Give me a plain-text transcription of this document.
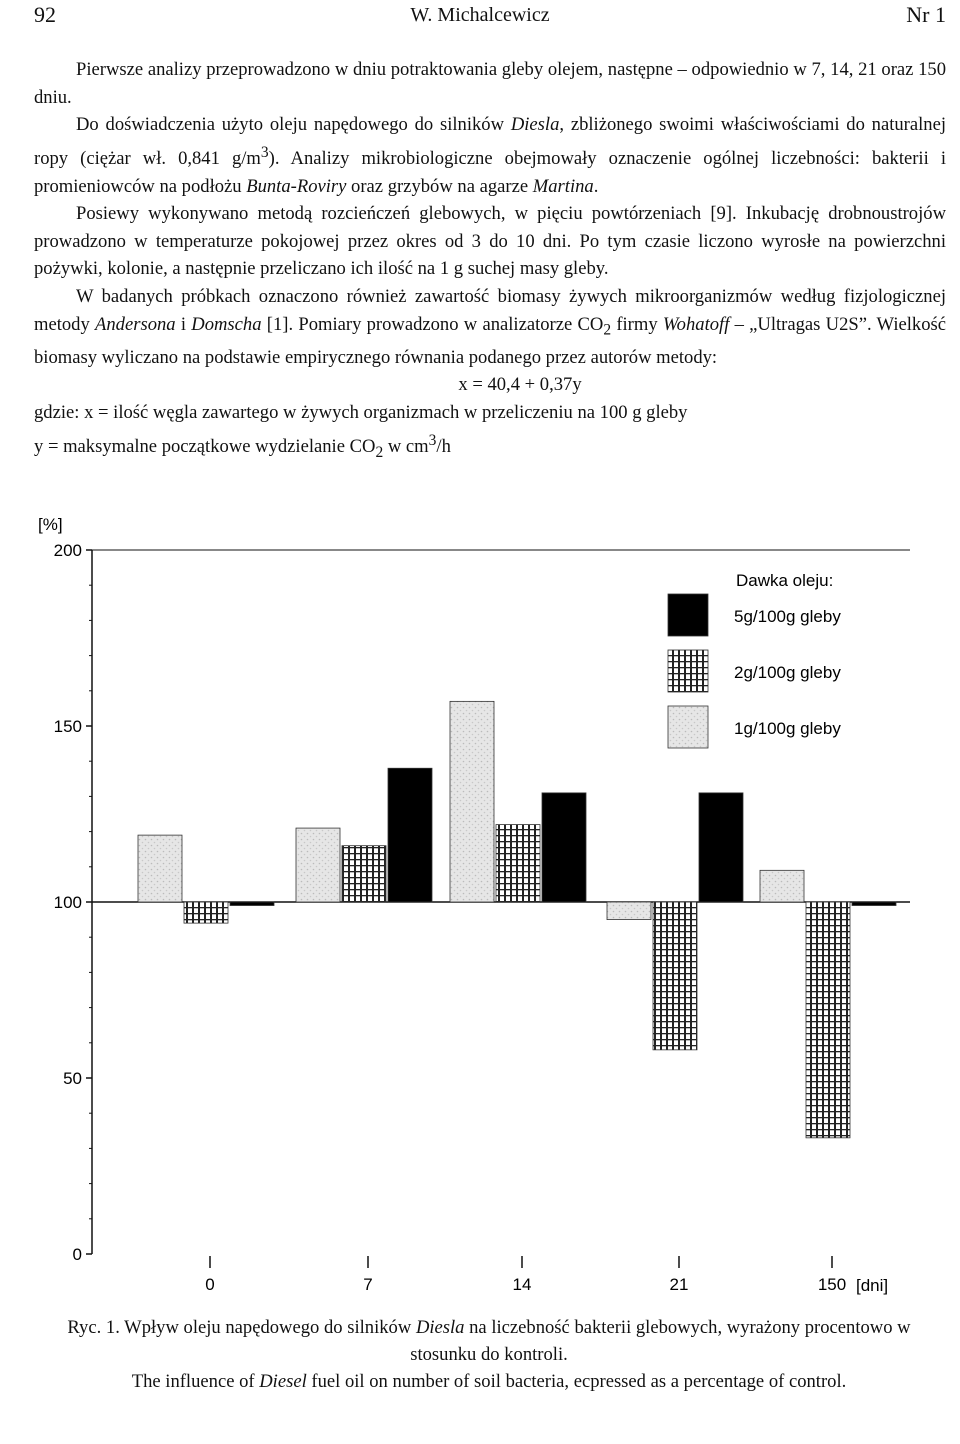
92	W. Michalcewicz	Nr 1

Pierwsze analizy przeprowadzono w dniu potraktowania gleby olejem, następne – odpowiednio w 7, 14, 21 oraz 150 dniu.

Do doświadczenia użyto oleju napędowego do silników Diesla, zbliżonego swoimi właściwościami do naturalnej ropy (ciężar wł. 0,841 $g/m^3$). Analizy mikrobiologiczne obejmowały oznaczenie ogólnej liczebności: bakterii i promieniowców na podłożu Bunta-Roviry oraz grzybów na agarze Martina.

Posiewy wykonywano metodą rozcieńczeń glebowych, w pięciu powtórzeniach [9]. Inkubację drobnoustrojów prowadzono w temperaturze pokojowej przez okres od 3 do 10 dni. Po tym czasie liczono wyrosłe na powierzchni pożywki, kolonie, a następnie przeliczano ich ilość na 1 g suchej masy gleby.

W badanych próbkach oznaczono również zawartość biomasy żywych mikroorganizmów według fizjologicznej metody Andersona i Domscha [1]. Pomiary prowadzono w analizatorze $CO_2$ firmy Wohatoff – „Ultragas U2S”. Wielkość biomasy wyliczano na podstawie empirycznego równania podanego przez autorów metody:

x = 40,4 + 0,37y

gdzie: x = ilość węgla zawartego w żywych organizmach w przeliczeniu na 100 g gleby

y = maksymalne początkowe wydzielanie $CO_2$ w $cm^3/h$

0
50
100
150
200
0	7	14	21	150
5g/100g gleby
2g/100g gleby
1g/100g gleby
[%]
[dni]
Dawka oleju:

Ryc. 1. Wpływ oleju napędowego do silników Diesla na liczebność bakterii glebowych, wyrażony procentowo w stosunku do kontroli.

The influence of Diesel fuel oil on number of soil bacteria, ecpressed as a percentage of control.
